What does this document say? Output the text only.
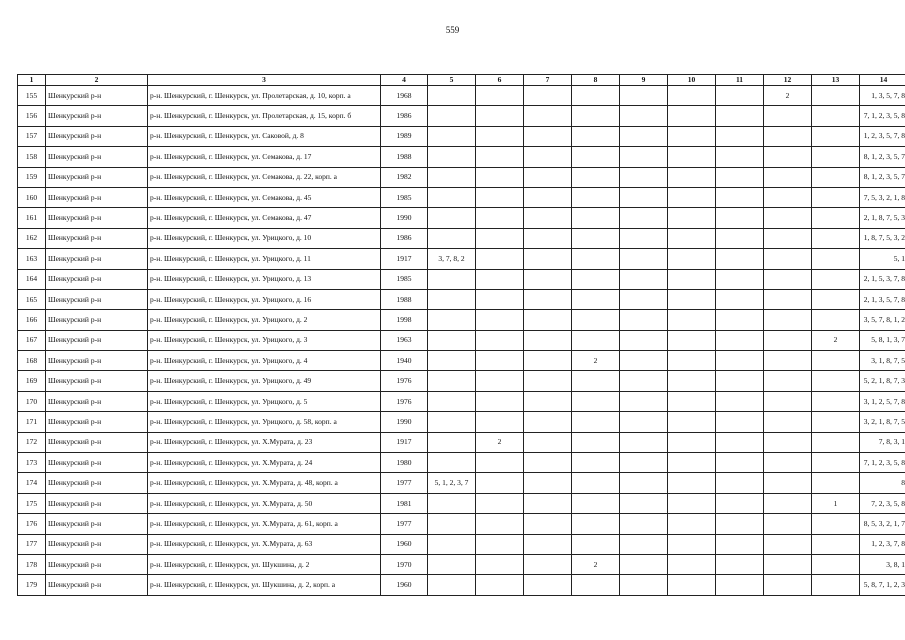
559
1	2	3	4	5	6	7	8	9	10	11	12	13	14
155	Шенкурский р-н	р-н. Шенкурский, г. Шенкурск, ул. Пролетарская, д. 10, корп. а	1968								2		1, 3, 5, 7, 8
156	Шенкурский р-н	р-н. Шенкурский, г. Шенкурск, ул. Пролетарская, д. 15, корп. б	1986										7, 1, 2, 3, 5, 8
157	Шенкурский р-н	р-н. Шенкурский, г. Шенкурск, ул. Саковой, д. 8	1989										1, 2, 3, 5, 7, 8
158	Шенкурский р-н	р-н. Шенкурский, г. Шенкурск, ул. Семакова, д. 17	1988										8, 1, 2, 3, 5, 7
159	Шенкурский р-н	р-н. Шенкурский, г. Шенкурск, ул. Семакова, д. 22, корп. а	1982										8, 1, 2, 3, 5, 7
160	Шенкурский р-н	р-н. Шенкурский, г. Шенкурск, ул. Семакова, д. 45	1985										7, 5, 3, 2, 1, 8
161	Шенкурский р-н	р-н. Шенкурский, г. Шенкурск, ул. Семакова, д. 47	1990										2, 1, 8, 7, 5, 3
162	Шенкурский р-н	р-н. Шенкурский, г. Шенкурск, ул. Урицкого, д. 10	1986										1, 8, 7, 5, 3, 2
163	Шенкурский р-н	р-н. Шенкурский, г. Шенкурск, ул. Урицкого, д. 11	1917	3, 7, 8, 2									5, 1
164	Шенкурский р-н	р-н. Шенкурский, г. Шенкурск, ул. Урицкого, д. 13	1985										2, 1, 5, 3, 7, 8
165	Шенкурский р-н	р-н. Шенкурский, г. Шенкурск, ул. Урицкого, д. 16	1988										2, 1, 3, 5, 7, 8
166	Шенкурский р-н	р-н. Шенкурский, г. Шенкурск, ул. Урицкого, д. 2	1998										3, 5, 7, 8, 1, 2
167	Шенкурский р-н	р-н. Шенкурский, г. Шенкурск, ул. Урицкого, д. 3	1963									2	5, 8, 1, 3, 7
168	Шенкурский р-н	р-н. Шенкурский, г. Шенкурск, ул. Урицкого, д. 4	1940				2						3, 1, 8, 7, 5
169	Шенкурский р-н	р-н. Шенкурский, г. Шенкурск, ул. Урицкого, д. 49	1976										5, 2, 1, 8, 7, 3
170	Шенкурский р-н	р-н. Шенкурский, г. Шенкурск, ул. Урицкого, д. 5	1976										3, 1, 2, 5, 7, 8
171	Шенкурский р-н	р-н. Шенкурский, г. Шенкурск, ул. Урицкого, д. 58, корп. а	1990										3, 2, 1, 8, 7, 5
172	Шенкурский р-н	р-н. Шенкурский, г. Шенкурск, ул. Х.Мурата, д. 23	1917		2								7, 8, 3, 1
173	Шенкурский р-н	р-н. Шенкурский, г. Шенкурск, ул. Х.Мурата, д. 24	1980										7, 1, 2, 3, 5, 8
174	Шенкурский р-н	р-н. Шенкурский, г. Шенкурск, ул. Х.Мурата, д. 48, корп. а	1977	5, 1, 2, 3, 7									8
175	Шенкурский р-н	р-н. Шенкурский, г. Шенкурск, ул. Х.Мурата, д. 50	1981									1	7, 2, 3, 5, 8
176	Шенкурский р-н	р-н. Шенкурский, г. Шенкурск, ул. Х.Мурата, д. 61, корп. а	1977										8, 5, 3, 2, 1, 7
177	Шенкурский р-н	р-н. Шенкурский, г. Шенкурск, ул. Х.Мурата, д. 63	1960										1, 2, 3, 7, 8
178	Шенкурский р-н	р-н. Шенкурский, г. Шенкурск, ул. Шукшина, д. 2	1970				2						3, 8, 1
179	Шенкурский р-н	р-н. Шенкурский, г. Шенкурск, ул. Шукшина, д. 2, корп. а	1960										5, 8, 7, 1, 2, 3
